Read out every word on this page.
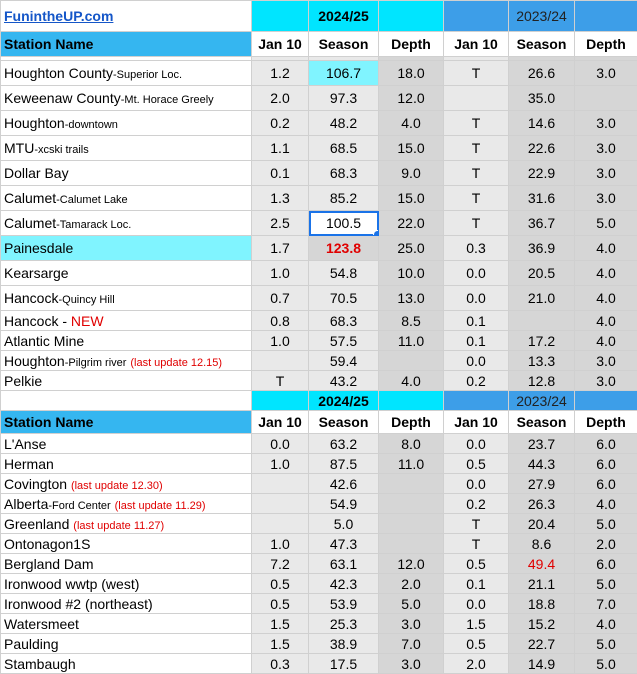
FunintheUP.com		2024/25			2023/24	
Station Name	Jan 10	Season	Depth	Jan 10	Season	Depth

Houghton County-Superior Loc.	1.2	106.7	18.0	T	26.6	3.0
Keweenaw County-Mt. Horace Greely	2.0	97.3	12.0		35.0	
Houghton-downtown	0.2	48.2	4.0	T	14.6	3.0
MTU-xcski trails	1.1	68.5	15.0	T	22.6	3.0
Dollar Bay	0.1	68.3	9.0	T	22.9	3.0
Calumet-Calumet Lake	1.3	85.2	15.0	T	31.6	3.0
Calumet-Tamarack Loc.	2.5	100.5	22.0	T	36.7	5.0
Painesdale	1.7	123.8	25.0	0.3	36.9	4.0
Kearsarge	1.0	54.8	10.0	0.0	20.5	4.0
Hancock-Quincy Hill	0.7	70.5	13.0	0.0	21.0	4.0
Hancock - NEW	0.8	68.3	8.5	0.1		4.0
Atlantic Mine	1.0	57.5	11.0	0.1	17.2	4.0
Houghton-Pilgrim river (last update 12.15)		59.4		0.0	13.3	3.0
Pelkie	T	43.2	4.0	0.2	12.8	3.0
		2024/25			2023/24	
Station Name	Jan 10	Season	Depth	Jan 10	Season	Depth
L'Anse	0.0	63.2	8.0	0.0	23.7	6.0
Herman	1.0	87.5	11.0	0.5	44.3	6.0
Covington (last update 12.30)		42.6		0.0	27.9	6.0
Alberta-Ford Center (last update 11.29)		54.9		0.2	26.3	4.0
Greenland (last update 11.27)		5.0		T	20.4	5.0
Ontonagon1S	1.0	47.3		T	8.6	2.0
Bergland Dam	7.2	63.1	12.0	0.5	49.4	6.0
Ironwood wwtp (west)	0.5	42.3	2.0	0.1	21.1	5.0
Ironwood #2 (northeast)	0.5	53.9	5.0	0.0	18.8	7.0
Watersmeet	1.5	25.3	3.0	1.5	15.2	4.0
Paulding	1.5	38.9	7.0	0.5	22.7	5.0
Stambaugh	0.3	17.5	3.0	2.0	14.9	5.0
